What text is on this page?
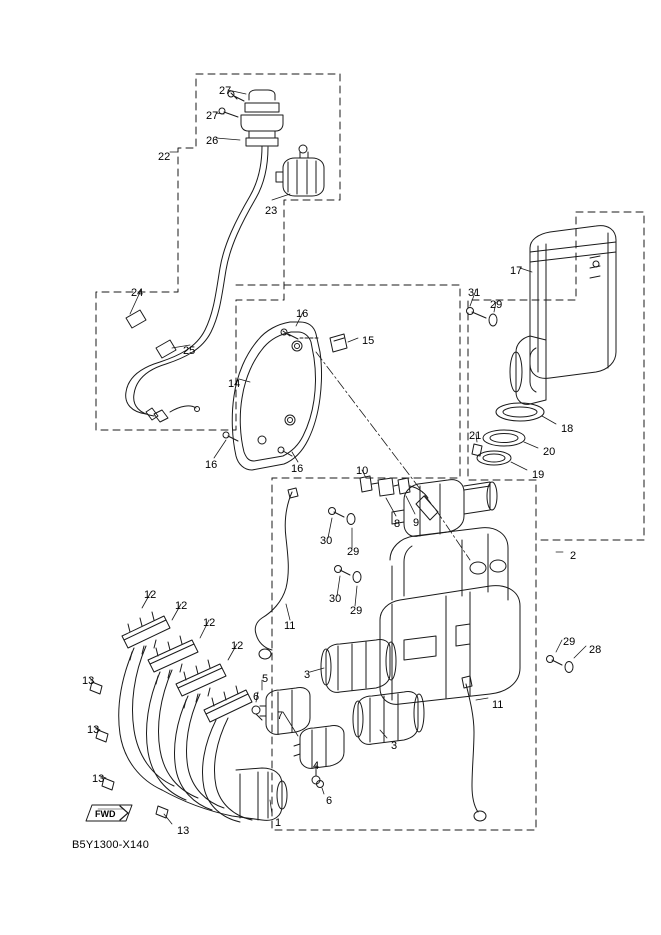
27
27
26
22
23
24
25
14
16
15
16	16
17
31
29
18
20
21
19
2
10
8 9
30
29
30
29
11
12
12
12
12
13
13
13
13
5
6
7
4
6
3
3
1
11
29
28
FWD
B5Y1300-X140
